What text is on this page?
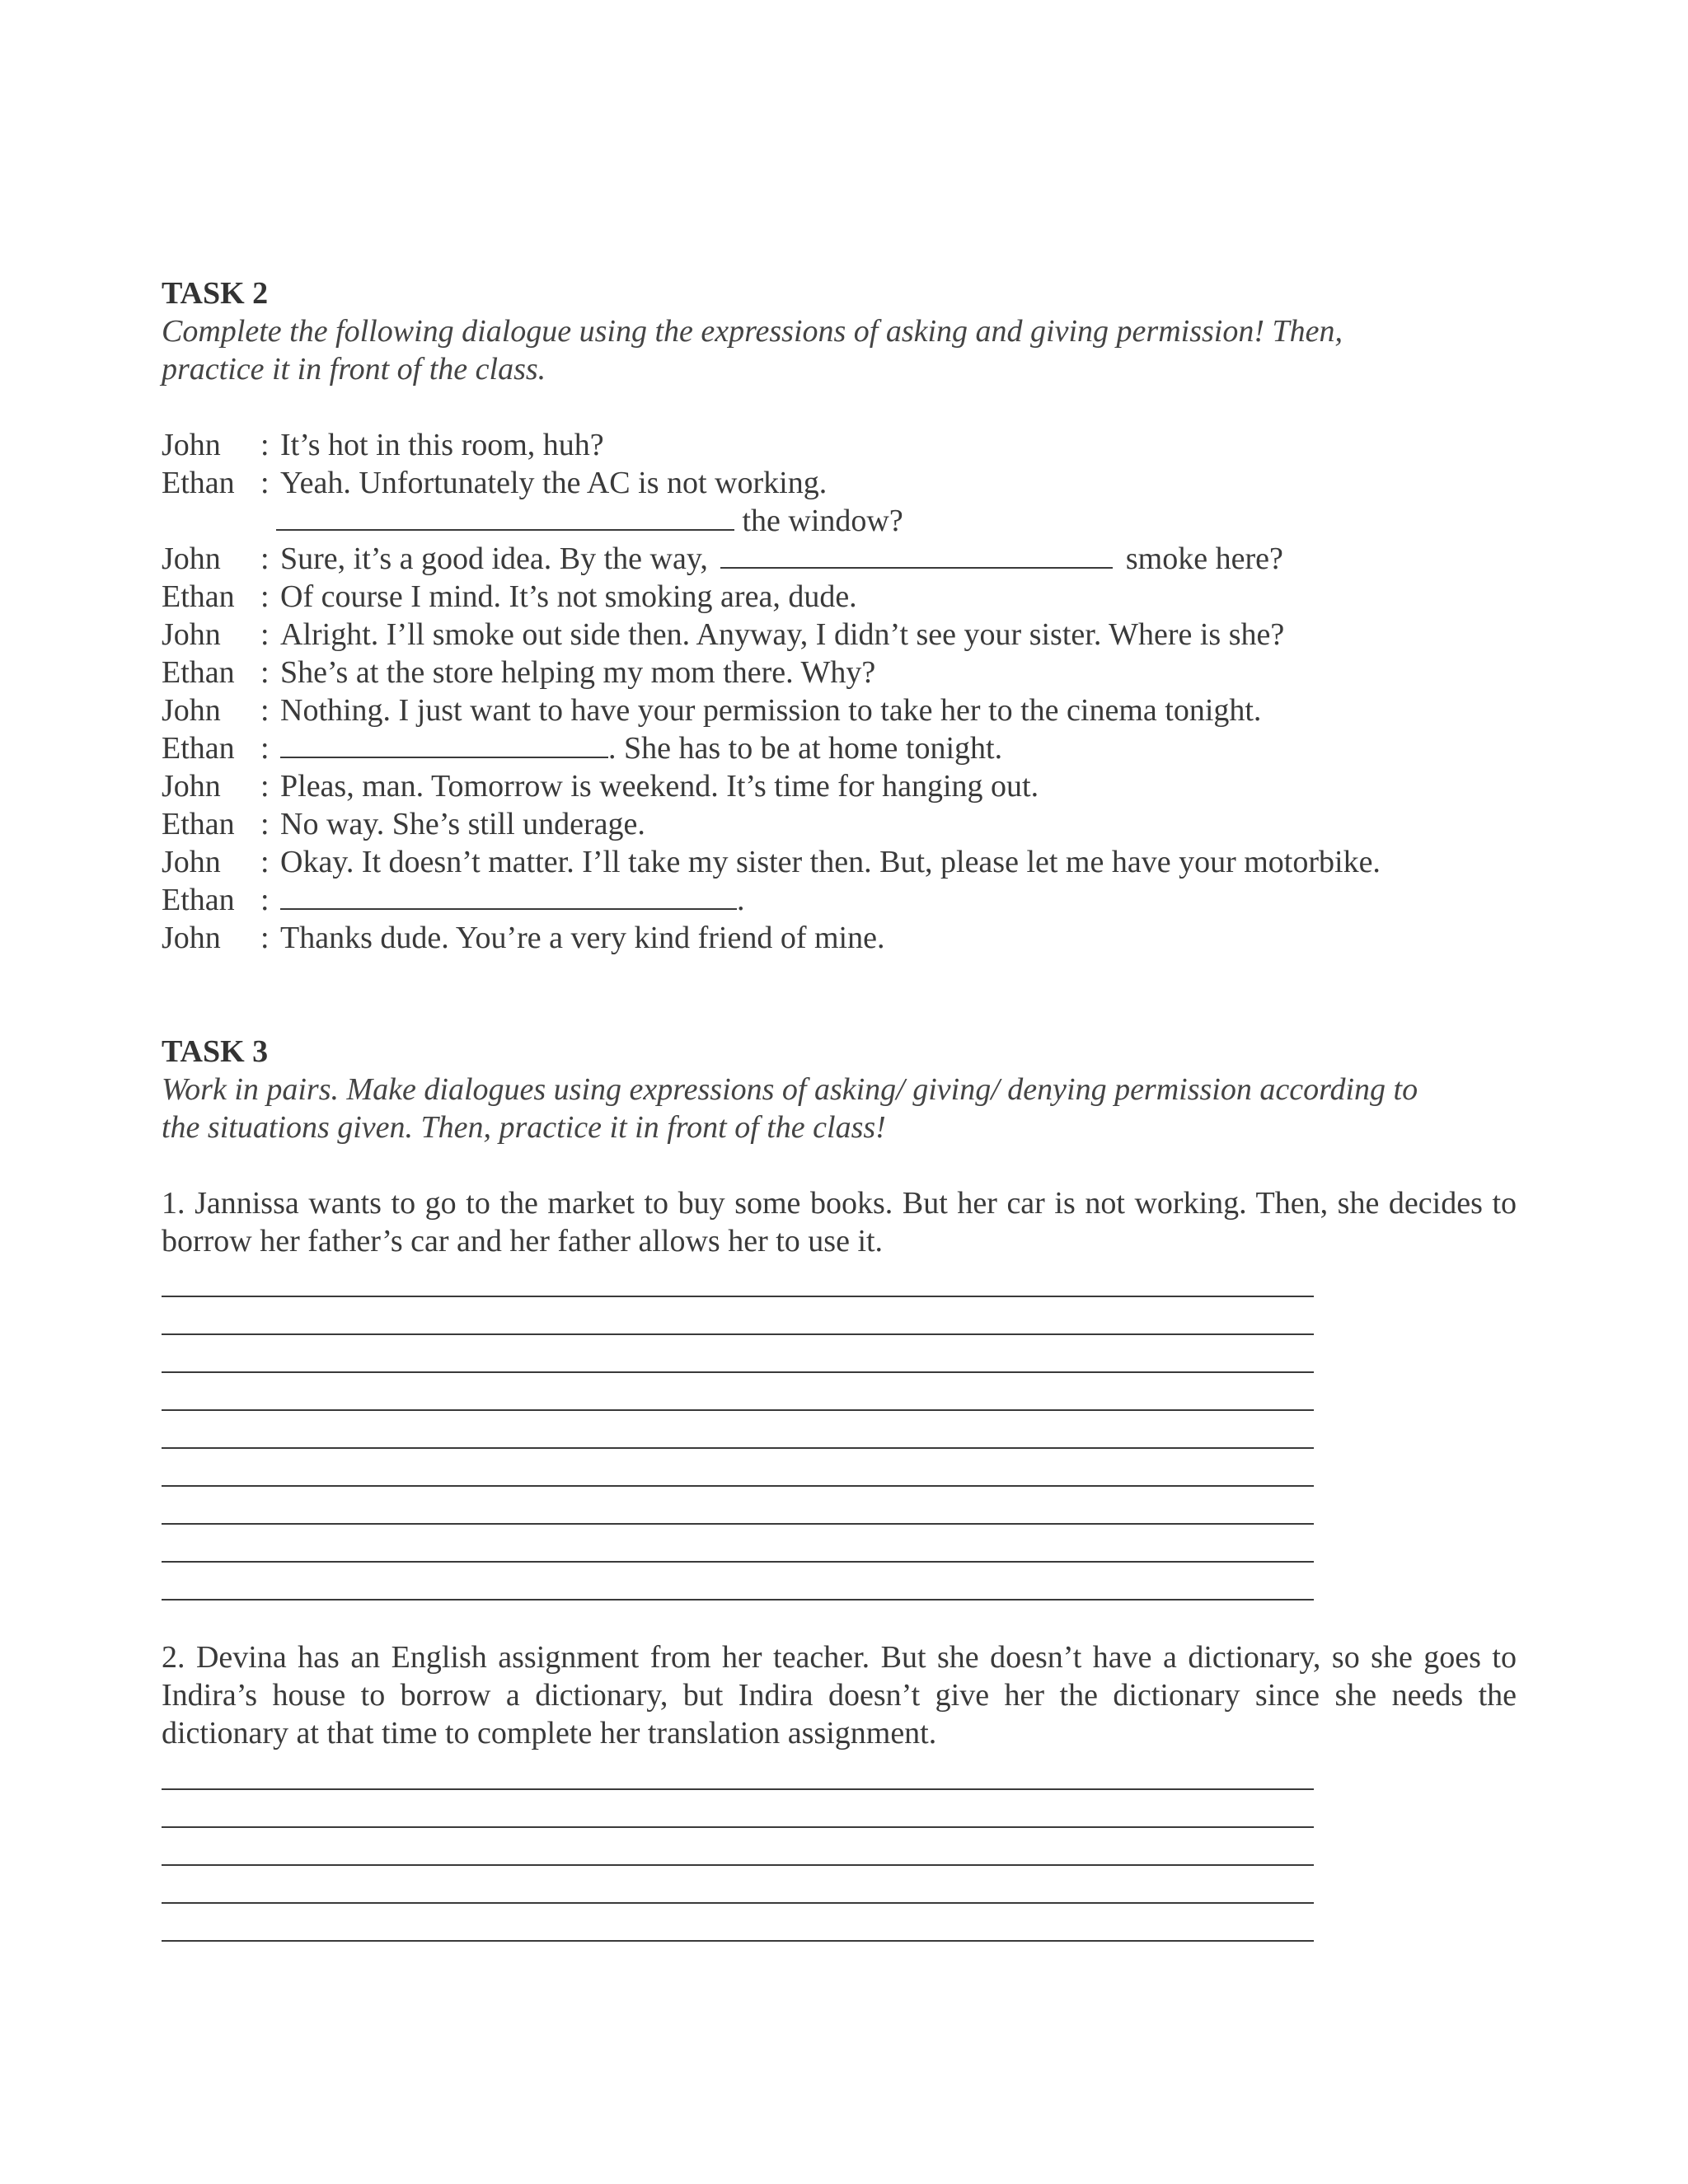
TASK 2
Complete the following dialogue using the expressions of asking and giving permission! Then,
practice it in front of the class.
John : It’s hot in this room, huh?
Ethan : Yeah. Unfortunately the AC is not working.
the window?
John : Sure, it’s a good idea. By the way,	smoke here?
Ethan : Of course I mind. It’s not smoking area, dude.
John : Alright. I’ll smoke out side then. Anyway, I didn’t see your sister. Where is she?
Ethan : She’s at the store helping my mom there. Why?
John : Nothing. I just want to have your permission to take her to the cinema tonight.
Ethan :	. She has to be at home tonight.
John : Pleas, man. Tomorrow is weekend. It’s time for hanging out.
Ethan : No way. She’s still underage.
John : Okay. It doesn’t matter. I’ll take my sister then. But, please let me have your motorbike.
Ethan :	.
John : Thanks dude. You’re a very kind friend of mine.
TASK 3
Work in pairs. Make dialogues using expressions of asking/ giving/ denying permission according to
the situations given. Then, practice it in front of the class!
1. Jannissa wants to go to the market to buy some books. But her car is not working. Then, she decides to borrow her father’s car and her father allows her to use it.
2. Devina has an English assignment from her teacher. But she doesn’t have a dictionary, so she goes to Indira’s house to borrow a dictionary, but Indira doesn’t give her the dictionary since she needs the dictionary at that time to complete her translation assignment.
